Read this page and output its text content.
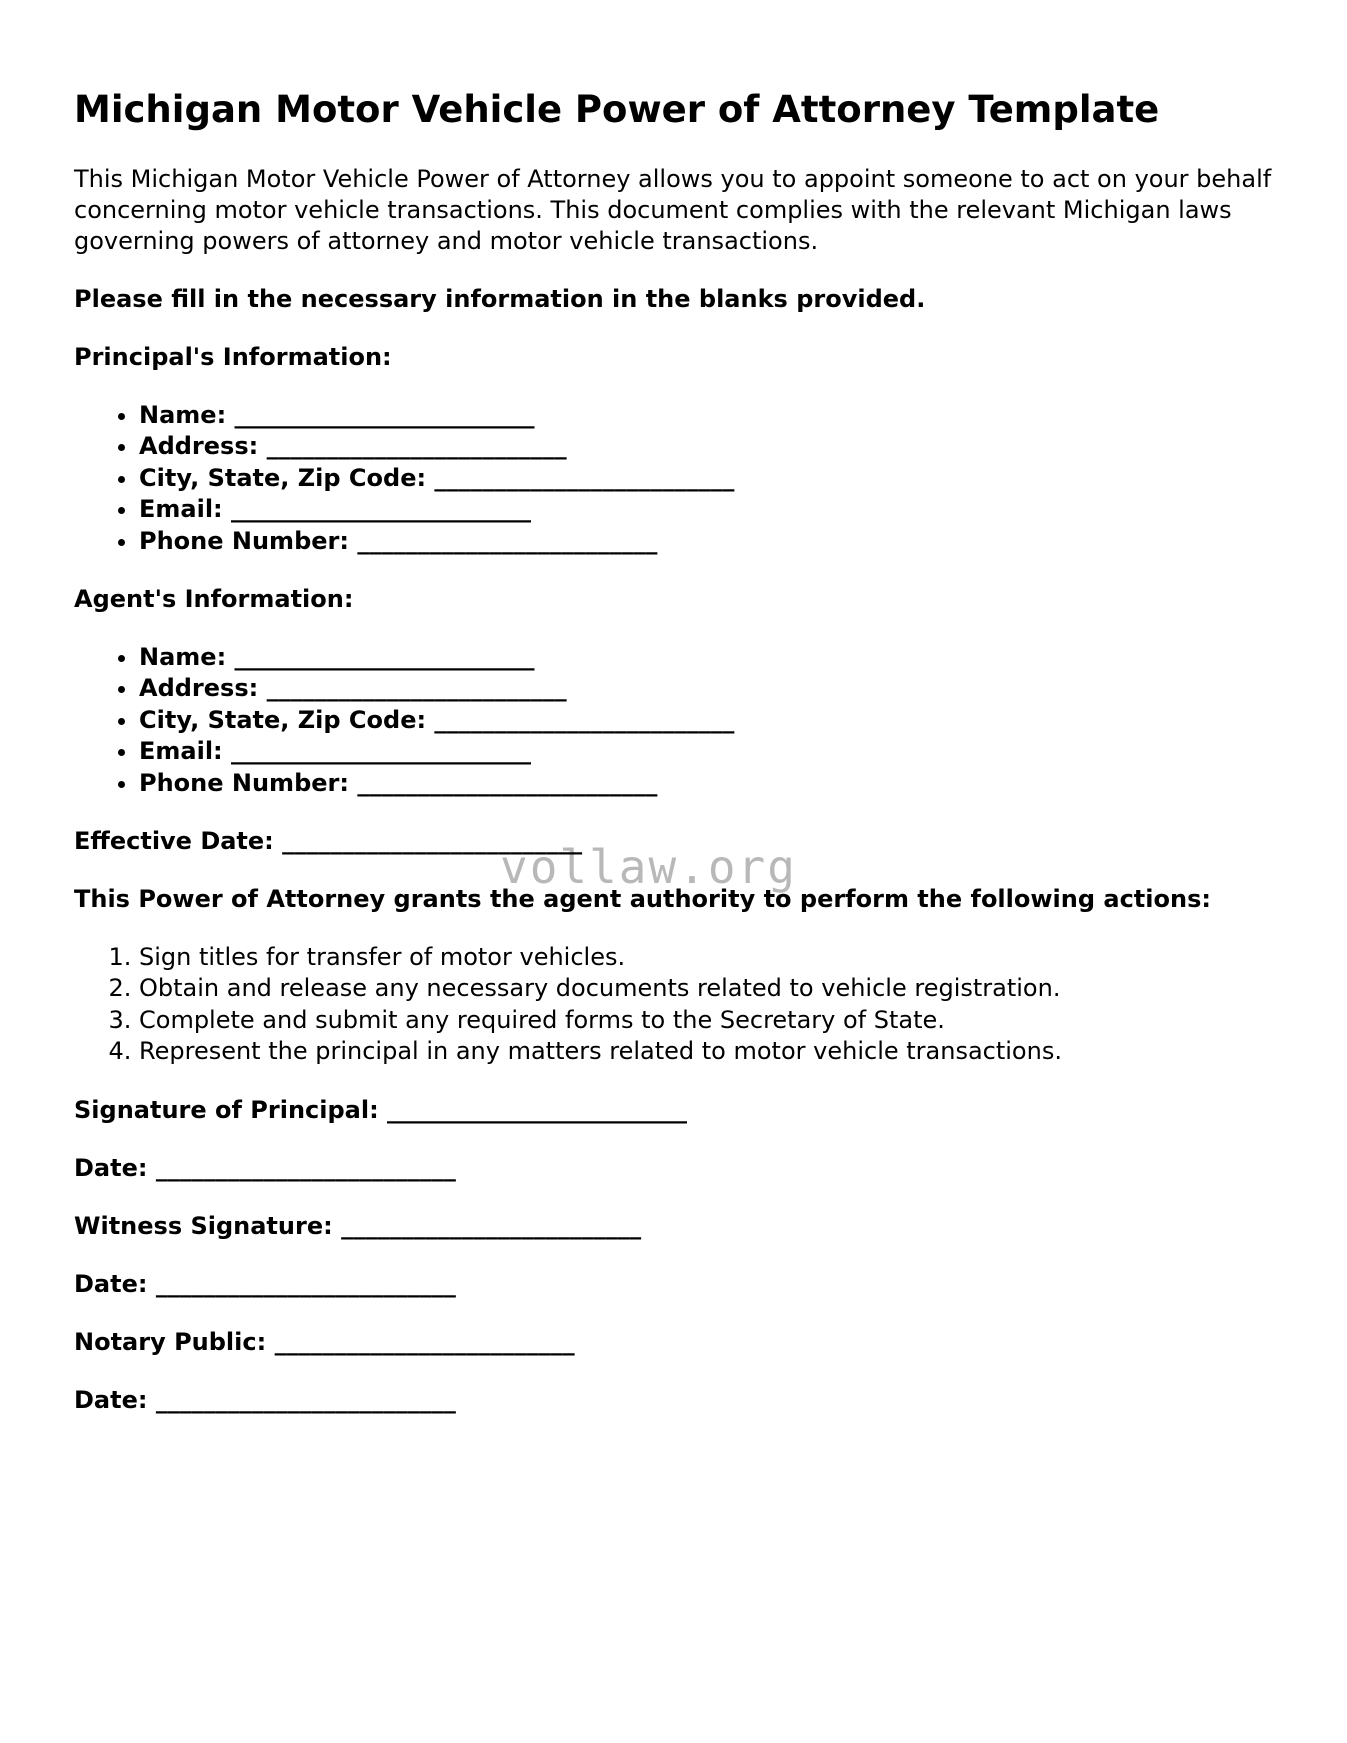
Michigan Motor Vehicle Power of Attorney Template

This Michigan Motor Vehicle Power of Attorney allows you to appoint someone to act on your behalf concerning motor vehicle transactions. This document complies with the relevant Michigan laws governing powers of attorney and motor vehicle transactions.

Please fill in the necessary information in the blanks provided.

Principal's Information:

• Name: _________________________
• Address: _________________________
• City, State, Zip Code: _________________________
• Email: _________________________
• Phone Number: _________________________

Agent's Information:

• Name: _________________________
• Address: _________________________
• City, State, Zip Code: _________________________
• Email: _________________________
• Phone Number: _________________________

Effective Date: _________________________

This Power of Attorney grants the agent authority to perform the following actions:

1. Sign titles for transfer of motor vehicles.
2. Obtain and release any necessary documents related to vehicle registration.
3. Complete and submit any required forms to the Secretary of State.
4. Represent the principal in any matters related to motor vehicle transactions.

Signature of Principal: _________________________

Date: _________________________

Witness Signature: _________________________

Date: _________________________

Notary Public: _________________________

Date: _________________________

vollaw.org
